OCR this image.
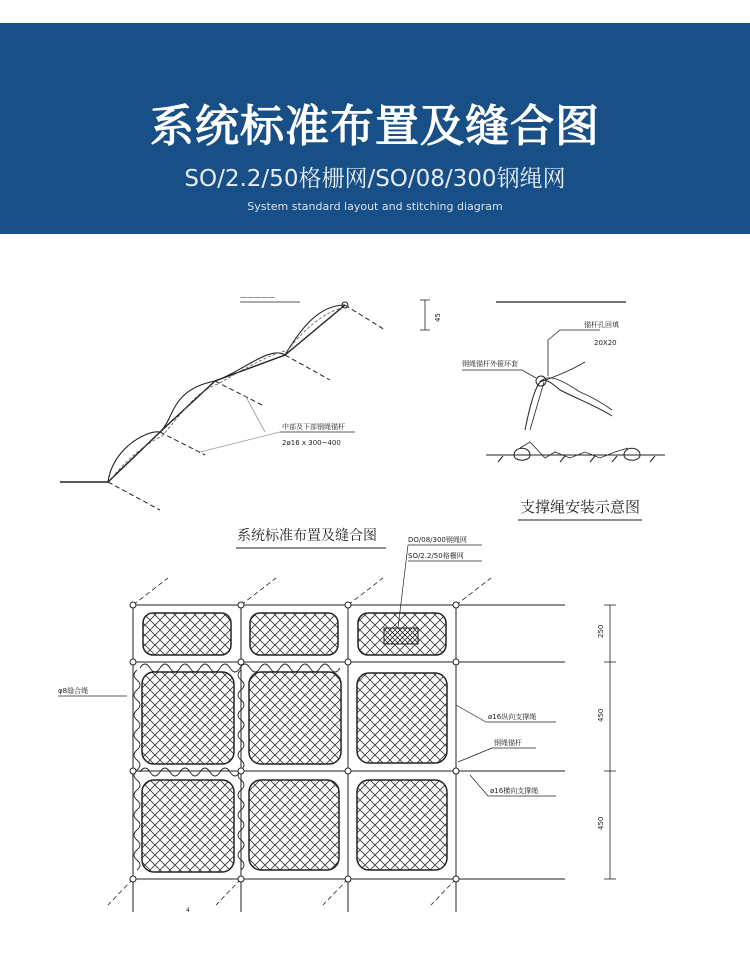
系统标准布置及缝合图
SO/2.2/50格栅网/SO/08/300钢绳网
System standard layout and stitching diagram
—————
中部及下部钢绳锚杆
2ø16 x 300~400
45
锚杆孔回填
20X20
钢绳锚杆外箍环套
支撑绳安装示意图
系统标准布置及缝合图	DO/08/300钢绳网
SO/2.2/50格栅网
φ8缝合绳
ø16纵向支撑绳
钢绳锚杆
ø16横向支撑绳
250
450
450
4
